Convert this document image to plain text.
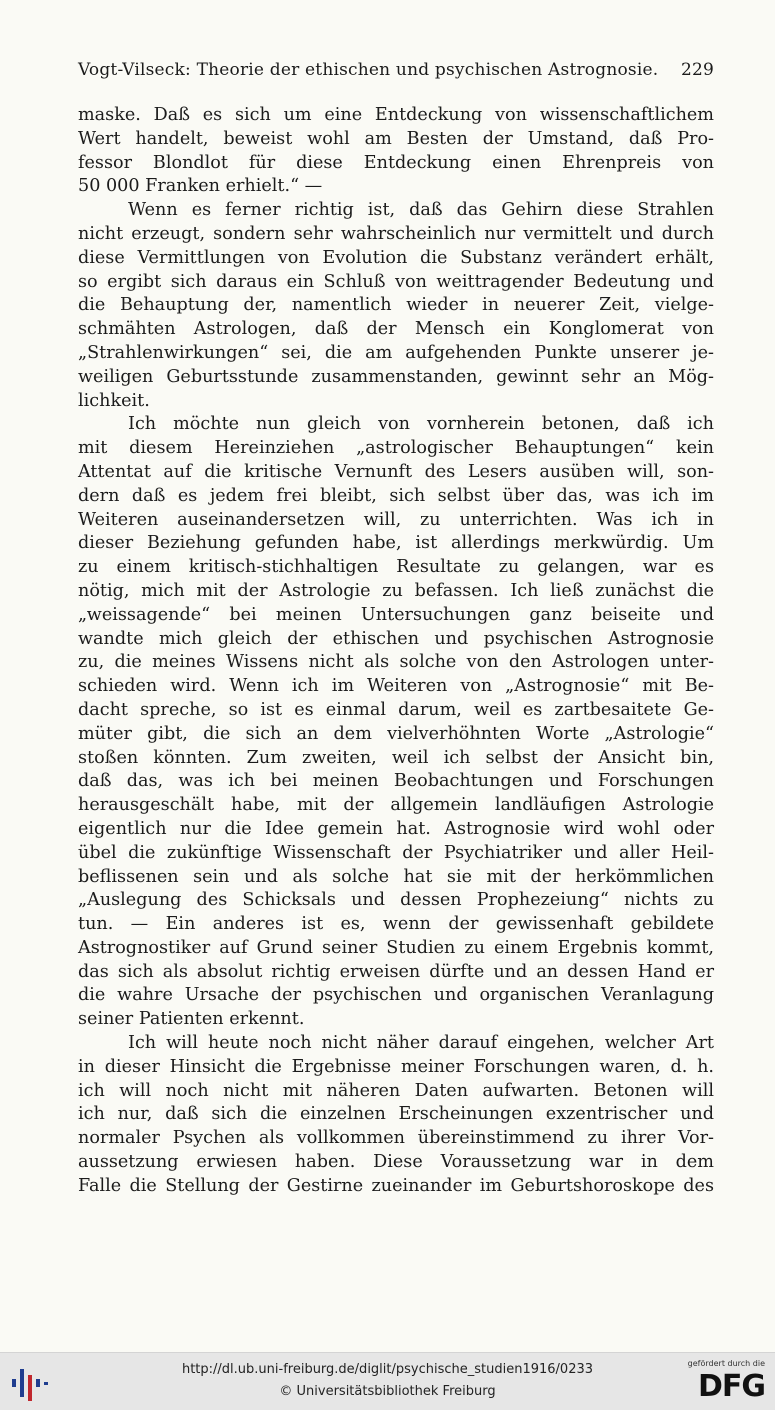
Vogt-Vilseck: Theorie der ethischen und psychischen Astrognosie. 229
maske. Daß es sich um eine Entdeckung von wissenschaftlichem
Wert handelt, beweist wohl am Besten der Umstand, daß Pro-
fessor Blondlot für diese Entdeckung einen Ehrenpreis von
50 000 Franken erhielt.“ —
Wenn es ferner richtig ist, daß das Gehirn diese Strahlen
nicht erzeugt, sondern sehr wahrscheinlich nur vermittelt und durch
diese Vermittlungen von Evolution die Substanz verändert erhält,
so ergibt sich daraus ein Schluß von weittragender Bedeutung und
die Behauptung der, namentlich wieder in neuerer Zeit, vielge-
schmähten Astrologen, daß der Mensch ein Konglomerat von
„Strahlenwirkungen“ sei, die am aufgehenden Punkte unserer je-
weiligen Geburtsstunde zusammenstanden, gewinnt sehr an Mög-
lichkeit.
Ich möchte nun gleich von vornherein betonen, daß ich
mit diesem Hereinziehen „astrologischer Behauptungen“ kein
Attentat auf die kritische Vernunft des Lesers ausüben will, son-
dern daß es jedem frei bleibt, sich selbst über das, was ich im
Weiteren auseinandersetzen will, zu unterrichten. Was ich in
dieser Beziehung gefunden habe, ist allerdings merkwürdig. Um
zu einem kritisch-stichhaltigen Resultate zu gelangen, war es
nötig, mich mit der Astrologie zu befassen. Ich ließ zunächst die
„weissagende“ bei meinen Untersuchungen ganz beiseite und
wandte mich gleich der ethischen und psychischen Astrognosie
zu, die meines Wissens nicht als solche von den Astrologen unter-
schieden wird. Wenn ich im Weiteren von „Astrognosie“ mit Be-
dacht spreche, so ist es einmal darum, weil es zartbesaitete Ge-
müter gibt, die sich an dem vielverhöhnten Worte „Astrologie“
stoßen könnten. Zum zweiten, weil ich selbst der Ansicht bin,
daß das, was ich bei meinen Beobachtungen und Forschungen
herausgeschält habe, mit der allgemein landläufigen Astrologie
eigentlich nur die Idee gemein hat. Astrognosie wird wohl oder
übel die zukünftige Wissenschaft der Psychiatriker und aller Heil-
beflissenen sein und als solche hat sie mit der herkömmlichen
„Auslegung des Schicksals und dessen Prophezeiung“ nichts zu
tun. — Ein anderes ist es, wenn der gewissenhaft gebildete
Astrognostiker auf Grund seiner Studien zu einem Ergebnis kommt,
das sich als absolut richtig erweisen dürfte und an dessen Hand er
die wahre Ursache der psychischen und organischen Veranlagung
seiner Patienten erkennt.
Ich will heute noch nicht näher darauf eingehen, welcher Art
in dieser Hinsicht die Ergebnisse meiner Forschungen waren, d. h.
ich will noch nicht mit näheren Daten aufwarten. Betonen will
ich nur, daß sich die einzelnen Erscheinungen exzentrischer und
normaler Psychen als vollkommen übereinstimmend zu ihrer Vor-
aussetzung erwiesen haben. Diese Voraussetzung war in dem
Falle die Stellung der Gestirne zueinander im Geburtshoroskope des
http://dl.ub.uni-freiburg.de/diglit/psychische_studien1916/0233
© Universitätsbibliothek Freiburg
gefördert durch die
DFG
